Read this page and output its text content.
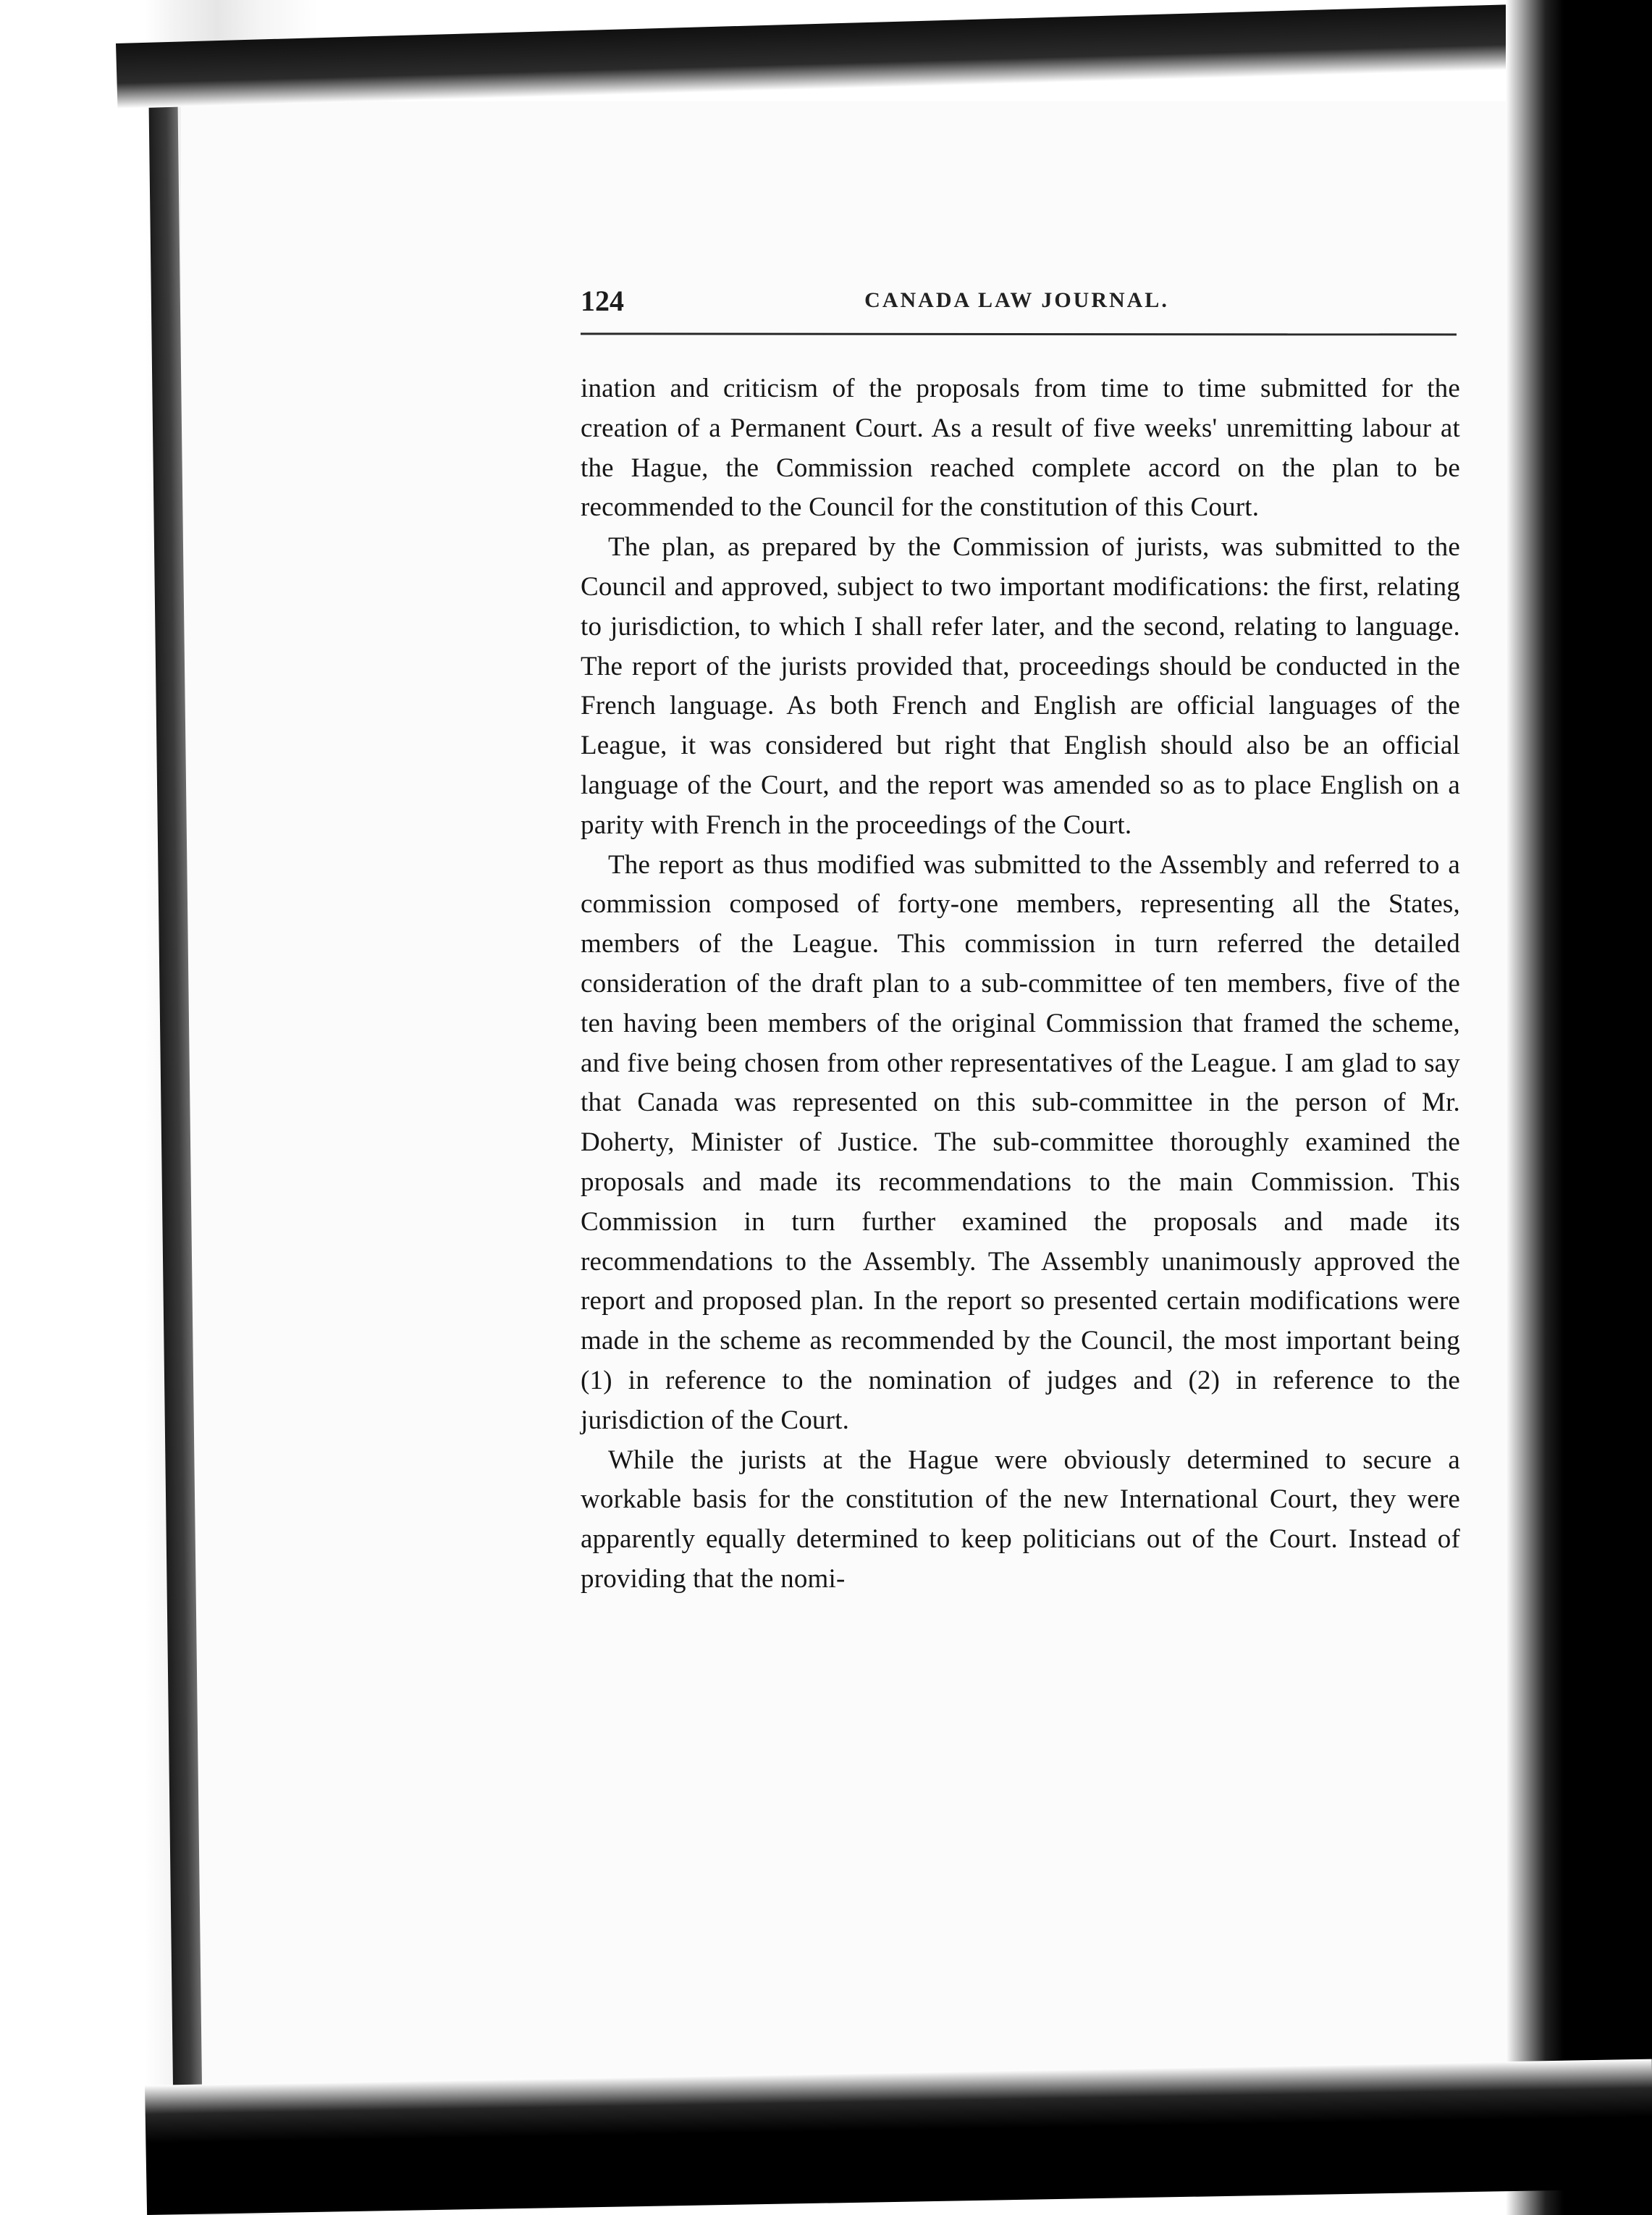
124	CANADA LAW JOURNAL.

ination and criticism of the proposals from time to time submitted for the creation of a Permanent Court. As a result of five weeks' unremitting labour at the Hague, the Commission reached complete accord on the plan to be recommended to the Council for the constitution of this Court.

The plan, as prepared by the Commission of jurists, was submitted to the Council and approved, subject to two important modifications: the first, relating to jurisdiction, to which I shall refer later, and the second, relating to language. The report of the jurists provided that, proceedings should be conducted in the French language. As both French and English are official languages of the League, it was considered but right that English should also be an official language of the Court, and the report was amended so as to place English on a parity with French in the proceedings of the Court.

The report as thus modified was submitted to the Assembly and referred to a commission composed of forty-one members, representing all the States, members of the League. This commission in turn referred the detailed consideration of the draft plan to a sub-committee of ten members, five of the ten having been members of the original Commission that framed the scheme, and five being chosen from other representatives of the League. I am glad to say that Canada was represented on this sub-committee in the person of Mr. Doherty, Minister of Justice. The sub-committee thoroughly examined the proposals and made its recommendations to the main Commission. This Commission in turn further examined the proposals and made its recommendations to the Assembly. The Assembly unanimously approved the report and proposed plan. In the report so presented certain modifications were made in the scheme as recommended by the Council, the most important being (1) in reference to the nomination of judges and (2) in reference to the jurisdiction of the Court.

While the jurists at the Hague were obviously determined to secure a workable basis for the constitution of the new International Court, they were apparently equally determined to keep politicians out of the Court. Instead of providing that the nomi-
